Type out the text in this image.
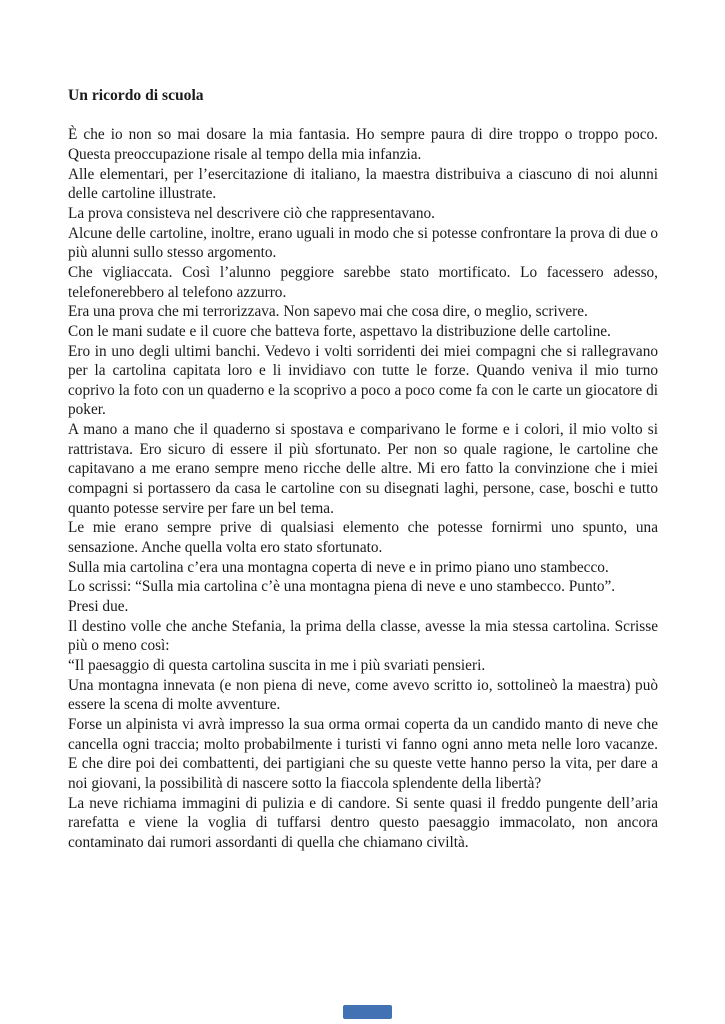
Un ricordo di scuola

È che io non so mai dosare la mia fantasia. Ho sempre paura di dire troppo o troppo poco. Questa preoccupazione risale al tempo della mia infanzia.

Alle elementari, per l’esercitazione di italiano, la maestra distribuiva a ciascuno di noi alunni delle cartoline illustrate.

La prova consisteva nel descrivere ciò che rappresentavano.

Alcune delle cartoline, inoltre, erano uguali in modo che si potesse confrontare la prova di due o più alunni sullo stesso argomento.

Che vigliaccata. Così l’alunno peggiore sarebbe stato mortificato. Lo facessero adesso, telefonerebbero al telefono azzurro.

Era una prova che mi terrorizzava. Non sapevo mai che cosa dire, o meglio, scrivere.

Con le mani sudate e il cuore che batteva forte, aspettavo la distribuzione delle cartoline.

Ero in uno degli ultimi banchi. Vedevo i volti sorridenti dei miei compagni che si rallegravano per la cartolina capitata loro e li invidiavo con tutte le forze. Quando veniva il mio turno coprivo la foto con un quaderno e la scoprivo a poco a poco come fa con le carte un giocatore di poker.

A mano a mano che il quaderno si spostava e comparivano le forme e i colori, il mio volto si rattristava. Ero sicuro di essere il più sfortunato. Per non so quale ragione, le cartoline che capitavano a me erano sempre meno ricche delle altre. Mi ero fatto la convinzione che i miei compagni si portassero da casa le cartoline con su disegnati laghi, persone, case, boschi e tutto quanto potesse servire per fare un bel tema.

Le mie erano sempre prive di qualsiasi elemento che potesse fornirmi uno spunto, una sensazione. Anche quella volta ero stato sfortunato.

Sulla mia cartolina c’era una montagna coperta di neve e in primo piano uno stambecco.

Lo scrissi: “Sulla mia cartolina c’è una montagna piena di neve e uno stambecco. Punto”.

Presi due.

Il destino volle che anche Stefania, la prima della classe, avesse la mia stessa cartolina. Scrisse più o meno così:

“Il paesaggio di questa cartolina suscita in me i più svariati pensieri.

Una montagna innevata (e non piena di neve, come avevo scritto io, sottolineò la maestra) può essere la scena di molte avventure.

Forse un alpinista vi avrà impresso la sua orma ormai coperta da un candido manto di neve che cancella ogni traccia; molto probabilmente i turisti vi fanno ogni anno meta nelle loro vacanze. E che dire poi dei combattenti, dei partigiani che su queste vette hanno perso la vita, per dare a noi giovani, la possibilità di nascere sotto la fiaccola splendente della libertà?

La neve richiama immagini di pulizia e di candore. Si sente quasi il freddo pungente dell’aria rarefatta e viene la voglia di tuffarsi dentro questo paesaggio immacolato, non ancora contaminato dai rumori assordanti di quella che chiamano civiltà.
